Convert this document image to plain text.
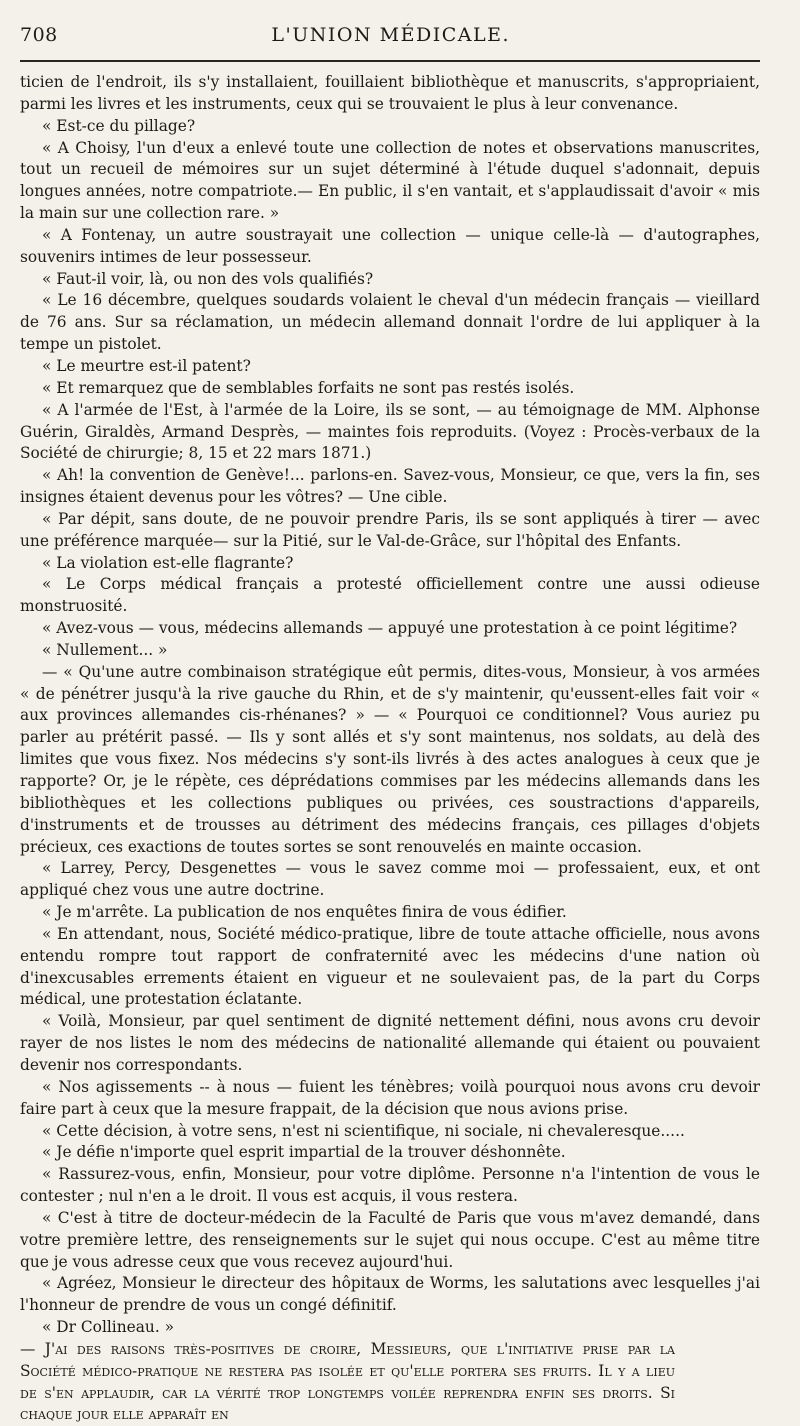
708	L'UNION MÉDICALE.

ticien de l'endroit, ils s'y installaient, fouillaient bibliothèque et manuscrits, s'appropriaient, parmi les livres et les instruments, ceux qui se trouvaient le plus à leur convenance.

« Est-ce du pillage?

« A Choisy, l'un d'eux a enlevé toute une collection de notes et observations manuscrites, tout un recueil de mémoires sur un sujet déterminé à l'étude duquel s'adonnait, depuis longues années, notre compatriote.— En public, il s'en vantait, et s'applaudissait d'avoir « mis la main sur une collection rare. »

« A Fontenay, un autre soustrayait une collection — unique celle-là — d'autographes, souvenirs intimes de leur possesseur.

« Faut-il voir, là, ou non des vols qualifiés?

« Le 16 décembre, quelques soudards volaient le cheval d'un médecin français — vieillard de 76 ans. Sur sa réclamation, un médecin allemand donnait l'ordre de lui appliquer à la tempe un pistolet.

« Le meurtre est-il patent?

« Et remarquez que de semblables forfaits ne sont pas restés isolés.

« A l'armée de l'Est, à l'armée de la Loire, ils se sont, — au témoignage de MM. Alphonse Guérin, Giraldès, Armand Desprès, — maintes fois reproduits. (Voyez : Procès-verbaux de la Société de chirurgie; 8, 15 et 22 mars 1871.)

« Ah! la convention de Genève!... parlons-en. Savez-vous, Monsieur, ce que, vers la fin, ses insignes étaient devenus pour les vôtres? — Une cible.

« Par dépit, sans doute, de ne pouvoir prendre Paris, ils se sont appliqués à tirer — avec une préférence marquée— sur la Pitié, sur le Val-de-Grâce, sur l'hôpital des Enfants.

« La violation est-elle flagrante?

« Le Corps médical français a protesté officiellement contre une aussi odieuse monstruosité.

« Avez-vous — vous, médecins allemands — appuyé une protestation à ce point légitime?

« Nullement... »

— « Qu'une autre combinaison stratégique eût permis, dites-vous, Monsieur, à vos armées « de pénétrer jusqu'à la rive gauche du Rhin, et de s'y maintenir, qu'eussent-elles fait voir « aux provinces allemandes cis-rhénanes? » — « Pourquoi ce conditionnel? Vous auriez pu parler au prétérit passé. — Ils y sont allés et s'y sont maintenus, nos soldats, au delà des limites que vous fixez. Nos médecins s'y sont-ils livrés à des actes analogues à ceux que je rapporte? Or, je le répète, ces déprédations commises par les médecins allemands dans les bibliothèques et les collections publiques ou privées, ces soustractions d'appareils, d'instruments et de trousses au détriment des médecins français, ces pillages d'objets précieux, ces exactions de toutes sortes se sont renouvelés en mainte occasion.

« Larrey, Percy, Desgenettes — vous le savez comme moi — professaient, eux, et ont appliqué chez vous une autre doctrine.

« Je m'arrête. La publication de nos enquêtes finira de vous édifier.

« En attendant, nous, Société médico-pratique, libre de toute attache officielle, nous avons entendu rompre tout rapport de confraternité avec les médecins d'une nation où d'inexcusables errements étaient en vigueur et ne soulevaient pas, de la part du Corps médical, une protestation éclatante.

« Voilà, Monsieur, par quel sentiment de dignité nettement défini, nous avons cru devoir rayer de nos listes le nom des médecins de nationalité allemande qui étaient ou pouvaient devenir nos correspondants.

« Nos agissements -- à nous — fuient les ténèbres; voilà pourquoi nous avons cru devoir faire part à ceux que la mesure frappait, de la décision que nous avions prise.

« Cette décision, à votre sens, n'est ni scientifique, ni sociale, ni chevaleresque.....

« Je défie n'importe quel esprit impartial de la trouver déshonnête.

« Rassurez-vous, enfin, Monsieur, pour votre diplôme. Personne n'a l'intention de vous le contester ; nul n'en a le droit. Il vous est acquis, il vous restera.

« C'est à titre de docteur-médecin de la Faculté de Paris que vous m'avez demandé, dans votre première lettre, des renseignements sur le sujet qui nous occupe. C'est au même titre que je vous adresse ceux que vous recevez aujourd'hui.

« Agréez, Monsieur le directeur des hôpitaux de Worms, les salutations avec lesquelles j'ai l'honneur de prendre de vous un congé définitif.

« Dr Collineau. »

— J'ai des raisons très-positives de croire, Messieurs, que l'initiative prise par la Société médico-pratique ne restera pas isolée et qu'elle portera ses fruits. Il y a lieu de s'en applaudir, car la vérité trop longtemps voilée reprendra enfin ses droits. Si chaque jour elle apparaît en
